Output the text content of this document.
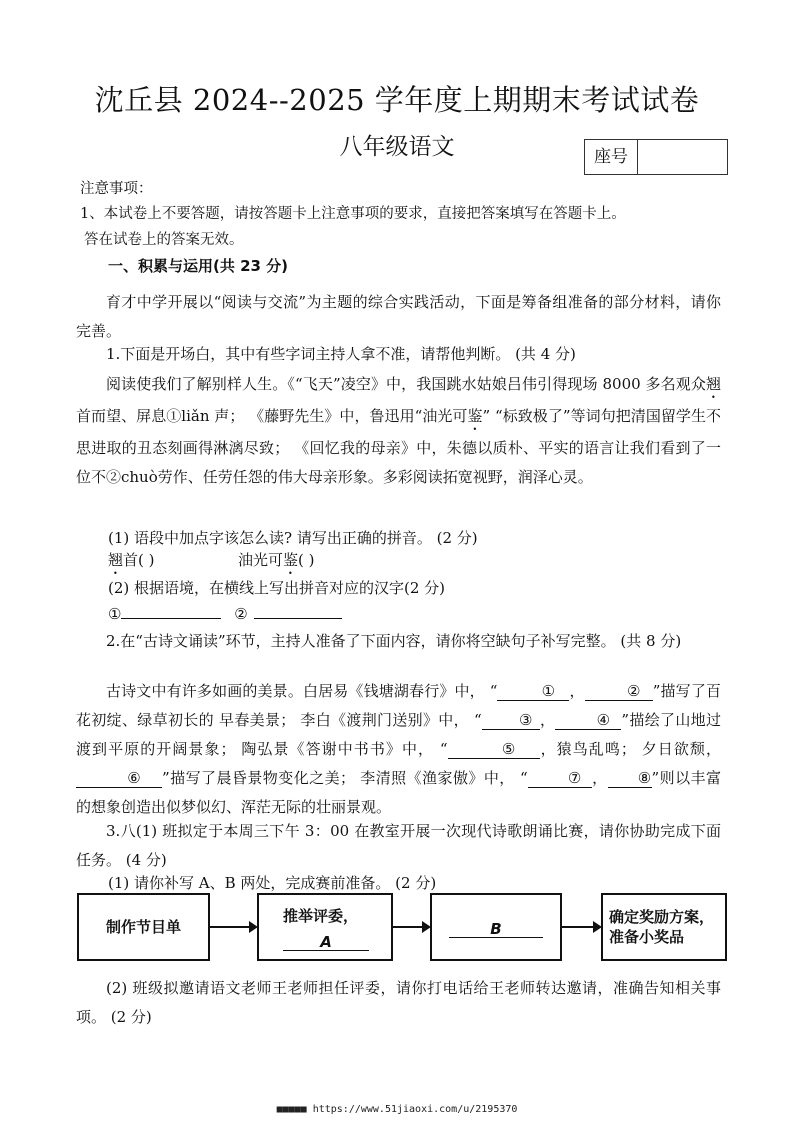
沈丘县 2024--2025 学年度上期期末考试试卷
八年级语文	座号
注意事项：
1、本试卷上不要答题，请按答题卡上注意事项的要求，直接把答案填写在答题卡上。
答在试卷上的答案无效。
一、积累与运用(共 23 分)
育才中学开展以“阅读与交流”为主题的综合实践活动，下面是筹备组准备的部分材料，请你完善。
1.下面是开场白，其中有些字词主持人拿不准，请帮他判断。 (共 4 分)
阅读使我们了解别样人生。《“飞天”凌空》中，我国跳水姑娘吕伟引得现场 8000 多名观众翘首而望、屏息①liǎn 声； 《藤野先生》中，鲁迅用“油光可鉴” “标致极了”等词句把清国留学生不思进取的丑态刻画得淋漓尽致； 《回忆我的母亲》中，朱德以质朴、平实的语言让我们看到了一位不②chuò劳作、任劳任怨的伟大母亲形象。多彩阅读拓宽视野，润泽心灵。
(1) 语段中加点字该怎么读? 请写出正确的拼音。 (2 分)
翘首( )	油光可鉴( )
(2) 根据语境，在横线上写出拼音对应的汉字(2 分)
①	②
2.在“古诗文诵读”环节，主持人准备了下面内容，请你将空缺句子补写完整。 (共 8 分)
古诗文中有许多如画的美景。白居易《钱塘湖春行》中， “	① ，	② ”描写了百花初绽、绿草初长的 早春美景； 李白《渡荆门送别》中， “ ③ ，	④ ”描绘了山地过渡到平原的开阔景象； 陶弘景《答谢中书书》中， “	⑤ ，猿鸟乱鸣； 夕日欲颓，⑥ ”描写了晨昏景物变化之美； 李清照《渔家傲》中， “	⑦ ， ⑧”则以丰富的想象创造出似梦似幻、浑茫无际的壮丽景观。
3.八(1) 班拟定于本周三下午 3：00 在教室开展一次现代诗歌朗诵比赛，请你协助完成下面任务。 (4 分)
(1) 请你补写 A、B 两处，完成赛前准备。 (2 分)
制作节目单
推举评委，
A
B
确定奖励方案，
准备小奖品
(2) 班级拟邀请语文老师王老师担任评委，请你打电话给王老师转达邀请，准确告知相关事项。 (2 分)
■■■■■ https://www.51jiaoxi.com/u/2195370
